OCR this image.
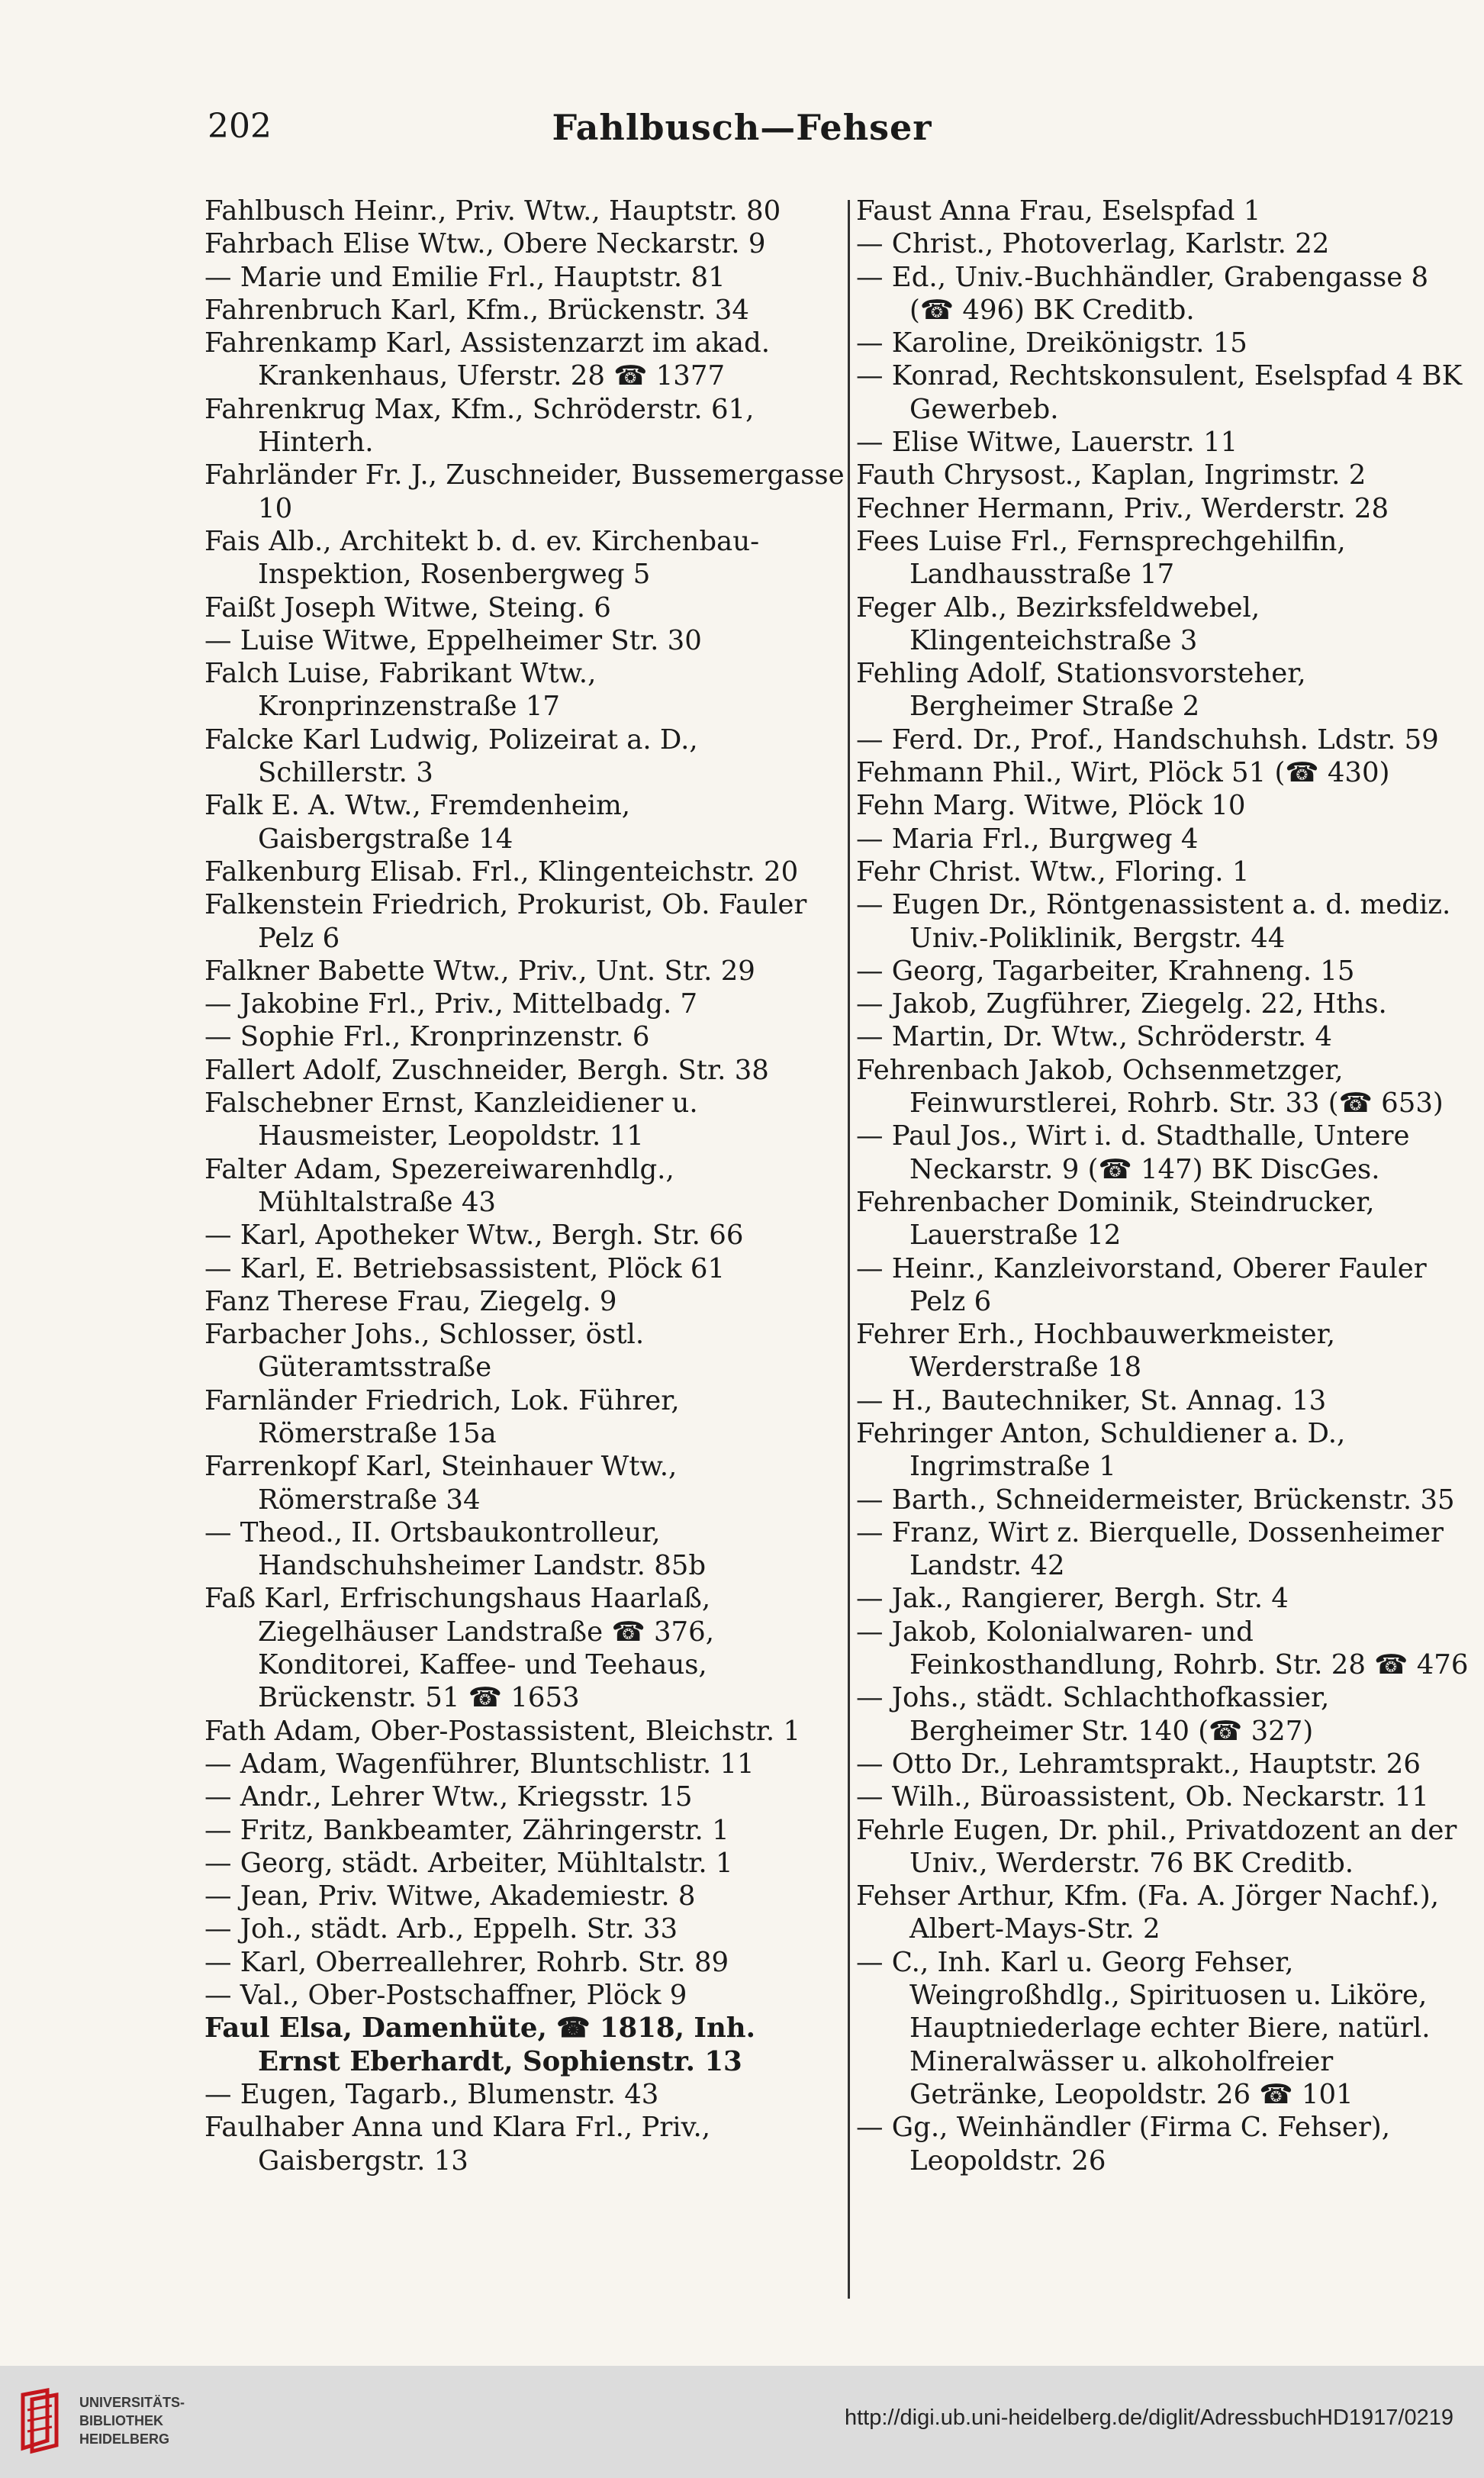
202	Fahlbusch—Fehser
Fahlbusch Heinr., Priv. Wtw., Hauptstr. 80
Fahrbach Elise Wtw., Obere Neckarstr. 9
— Marie und Emilie Frl., Hauptstr. 81
Fahrenbruch Karl, Kfm., Brückenstr. 34
Fahrenkamp Karl, Assistenzarzt im akad. Krankenhaus, Uferstr. 28 ☎ 1377
Fahrenkrug Max, Kfm., Schröderstr. 61, Hinterh.
Fahrländer Fr. J., Zuschneider, Bussemergasse 10
Fais Alb., Architekt b. d. ev. Kirchenbau-Inspektion, Rosenbergweg 5
Faißt Joseph Witwe, Steing. 6
— Luise Witwe, Eppelheimer Str. 30
Falch Luise, Fabrikant Wtw., Kronprinzenstraße 17
Falcke Karl Ludwig, Polizeirat a. D., Schillerstr. 3
Falk E. A. Wtw., Fremdenheim, Gaisbergstraße 14
Falkenburg Elisab. Frl., Klingenteichstr. 20
Falkenstein Friedrich, Prokurist, Ob. Fauler Pelz 6
Falkner Babette Wtw., Priv., Unt. Str. 29
— Jakobine Frl., Priv., Mittelbadg. 7
— Sophie Frl., Kronprinzenstr. 6
Fallert Adolf, Zuschneider, Bergh. Str. 38
Falschebner Ernst, Kanzleidiener u. Hausmeister, Leopoldstr. 11
Falter Adam, Spezereiwarenhdlg., Mühltalstraße 43
— Karl, Apotheker Wtw., Bergh. Str. 66
— Karl, E. Betriebsassistent, Plöck 61
Fanz Therese Frau, Ziegelg. 9
Farbacher Johs., Schlosser, östl. Güteramtsstraße
Farnländer Friedrich, Lok. Führer, Römerstraße 15a
Farrenkopf Karl, Steinhauer Wtw., Römerstraße 34
— Theod., II. Ortsbaukontrolleur, Handschuhsheimer Landstr. 85b
Faß Karl, Erfrischungshaus Haarlaß, Ziegelhäuser Landstraße ☎ 376, Konditorei, Kaffee- und Teehaus, Brückenstr. 51 ☎ 1653
Fath Adam, Ober-Postassistent, Bleichstr. 1
— Adam, Wagenführer, Bluntschlistr. 11
— Andr., Lehrer Wtw., Kriegsstr. 15
— Fritz, Bankbeamter, Zähringerstr. 1
— Georg, städt. Arbeiter, Mühltalstr. 1
— Jean, Priv. Witwe, Akademiestr. 8
— Joh., städt. Arb., Eppelh. Str. 33
— Karl, Oberreallehrer, Rohrb. Str. 89
— Val., Ober-Postschaffner, Plöck 9
Faul Elsa, Damenhüte, ☎ 1818, Inh. Ernst Eberhardt, Sophienstr. 13
— Eugen, Tagarb., Blumenstr. 43
Faulhaber Anna und Klara Frl., Priv., Gaisbergstr. 13
Faust Anna Frau, Eselspfad 1
— Christ., Photoverlag, Karlstr. 22
— Ed., Univ.-Buchhändler, Grabengasse 8 (☎ 496) BK Creditb.
— Karoline, Dreikönigstr. 15
— Konrad, Rechtskonsulent, Eselspfad 4 BK Gewerbeb.
— Elise Witwe, Lauerstr. 11
Fauth Chrysost., Kaplan, Ingrimstr. 2
Fechner Hermann, Priv., Werderstr. 28
Fees Luise Frl., Fernsprechgehilfin, Landhausstraße 17
Feger Alb., Bezirksfeldwebel, Klingenteichstraße 3
Fehling Adolf, Stationsvorsteher, Bergheimer Straße 2
— Ferd. Dr., Prof., Handschuhsh. Ldstr. 59
Fehmann Phil., Wirt, Plöck 51 (☎ 430)
Fehn Marg. Witwe, Plöck 10
— Maria Frl., Burgweg 4
Fehr Christ. Wtw., Floring. 1
— Eugen Dr., Röntgenassistent a. d. mediz. Univ.-Poliklinik, Bergstr. 44
— Georg, Tagarbeiter, Krahneng. 15
— Jakob, Zugführer, Ziegelg. 22, Hths.
— Martin, Dr. Wtw., Schröderstr. 4
Fehrenbach Jakob, Ochsenmetzger, Feinwurstlerei, Rohrb. Str. 33 (☎ 653)
— Paul Jos., Wirt i. d. Stadthalle, Untere Neckarstr. 9 (☎ 147) BK DiscGes.
Fehrenbacher Dominik, Steindrucker, Lauerstraße 12
— Heinr., Kanzleivorstand, Oberer Fauler Pelz 6
Fehrer Erh., Hochbauwerkmeister, Werderstraße 18
— H., Bautechniker, St. Annag. 13
Fehringer Anton, Schuldiener a. D., Ingrimstraße 1
— Barth., Schneidermeister, Brückenstr. 35
— Franz, Wirt z. Bierquelle, Dossenheimer Landstr. 42
— Jak., Rangierer, Bergh. Str. 4
— Jakob, Kolonialwaren- und Feinkosthandlung, Rohrb. Str. 28 ☎ 476
— Johs., städt. Schlachthofkassier, Bergheimer Str. 140 (☎ 327)
— Otto Dr., Lehramtsprakt., Hauptstr. 26
— Wilh., Büroassistent, Ob. Neckarstr. 11
Fehrle Eugen, Dr. phil., Privatdozent an der Univ., Werderstr. 76 BK Creditb.
Fehser Arthur, Kfm. (Fa. A. Jörger Nachf.), Albert-Mays-Str. 2
— C., Inh. Karl u. Georg Fehser, Weingroßhdlg., Spirituosen u. Liköre, Hauptniederlage echter Biere, natürl. Mineralwässer u. alkoholfreier Getränke, Leopoldstr. 26 ☎ 101
— Gg., Weinhändler (Firma C. Fehser), Leopoldstr. 26
UNIVERSITÄTS-
BIBLIOTHEK
HEIDELBERG
http://digi.ub.uni-heidelberg.de/diglit/AdressbuchHD1917/0219
